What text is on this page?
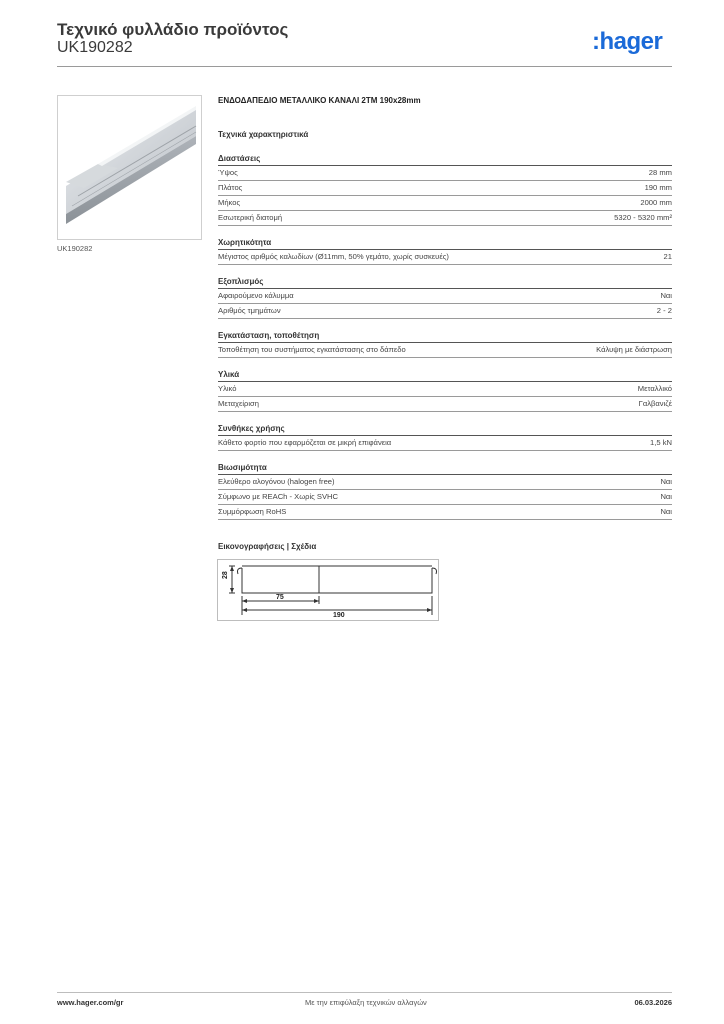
Τεχνικό φυλλάδιο προϊόντος
UK190282	:hager
UK190282
ΕΝΔΟΔΑΠΕΔΙΟ ΜΕΤΑΛΛΙΚΟ ΚΑΝΑΛΙ 2ΤΜ 190x28mm
Τεχνικά χαρακτηριστικά
Διαστάσεις
Ύψος	28 mm
Πλάτος	190 mm
Μήκος	2000 mm
Εσωτερική διατομή	5320 - 5320 mm²
Χωρητικότητα
Μέγιστος αριθμός καλωδίων (Ø11mm, 50% γεμάτο, χωρίς συσκευές)	21
Εξοπλισμός
Αφαιρούμενο κάλυμμα	Ναι
Αριθμός τμημάτων	2 - 2
Εγκατάσταση, τοποθέτηση
Τοποθέτηση του συστήματος εγκατάστασης στο δάπεδο	Κάλυψη με διάστρωση
Υλικά
Υλικό	Μεταλλικό
Μεταχείριση	Γαλβανιζέ
Συνθήκες χρήσης
Κάθετο φορτίο που εφαρμόζεται σε μικρή επιφάνεια	1,5 kN
Βιωσιμότητα
Ελεύθερο αλογόνου (halogen free)	Ναι
Σύμφωνο με REACh - Χωρίς SVHC	Ναι
Συμμόρφωση RoHS	Ναι
Εικονογραφήσεις | Σχέδια
28
75
190
www.hager.com/gr	Με την επιφύλαξη τεχνικών αλλαγών	06.03.2026
